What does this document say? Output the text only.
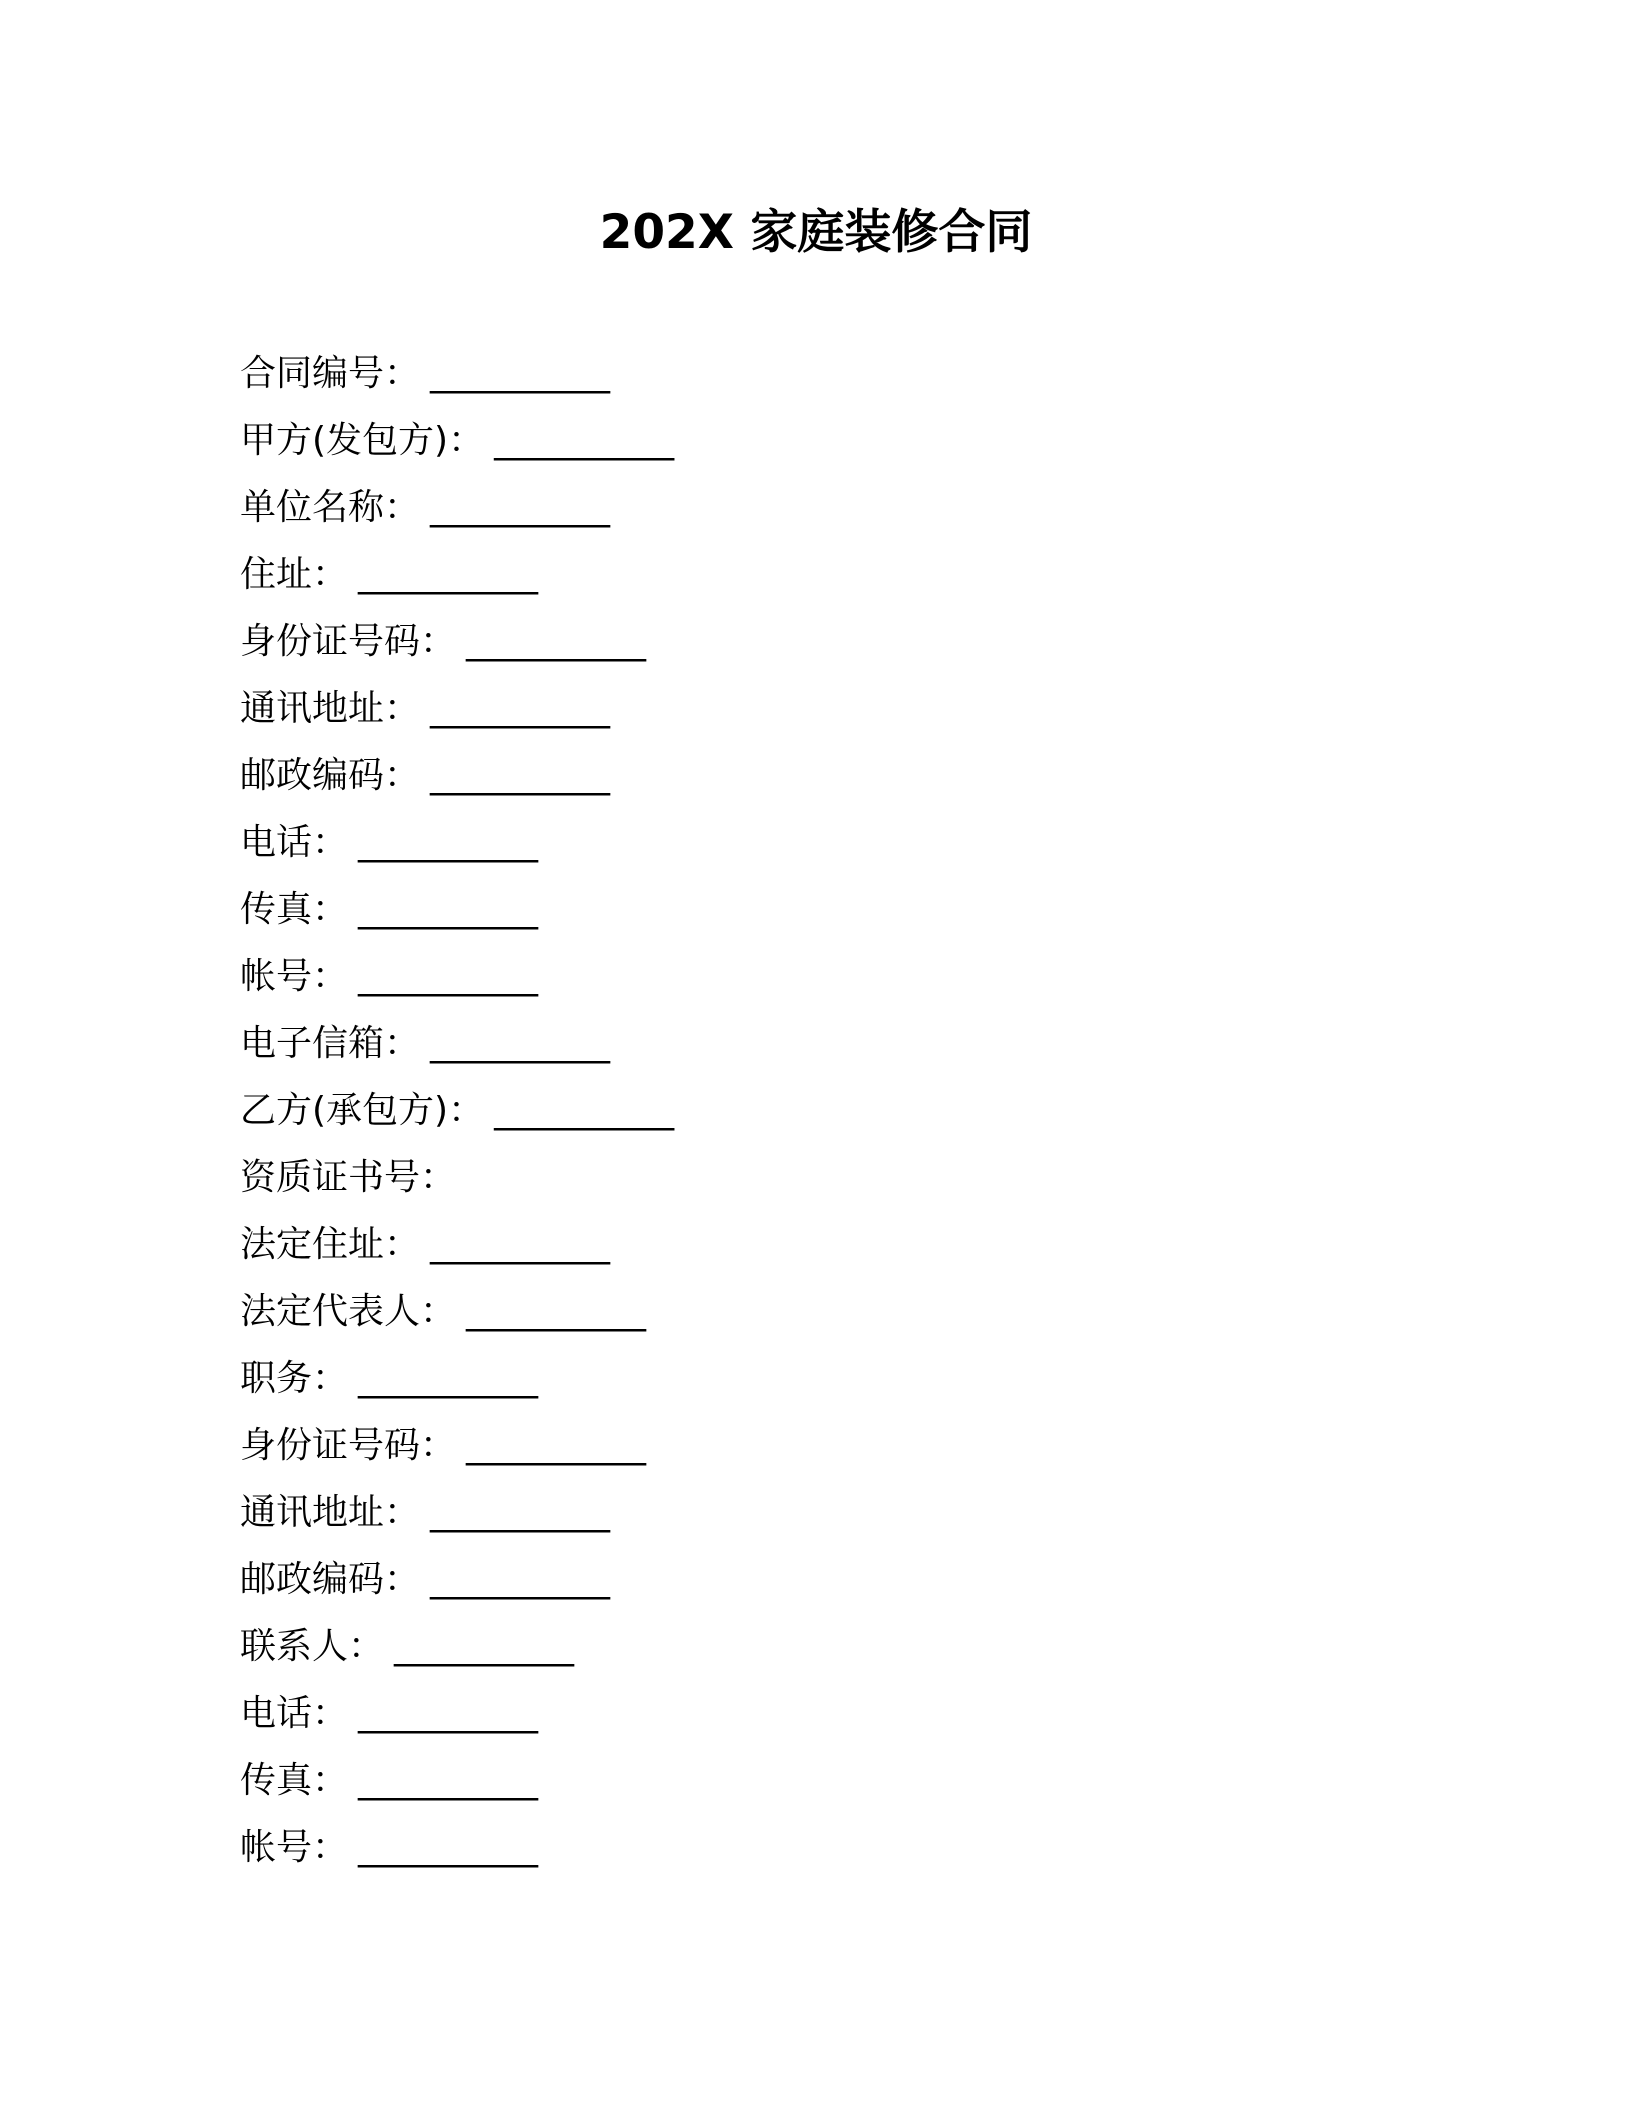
202X 家庭装修合同
合同编号： __________
甲方(发包方)： __________
单位名称： __________
住址： __________
身份证号码： __________
通讯地址： __________
邮政编码： __________
电话： __________
传真： __________
帐号： __________
电子信箱： __________
乙方(承包方)： __________
资质证书号：
法定住址： __________
法定代表人： __________
职务： __________
身份证号码： __________
通讯地址： __________
邮政编码： __________
联系人： __________
电话： __________
传真： __________
帐号： __________
